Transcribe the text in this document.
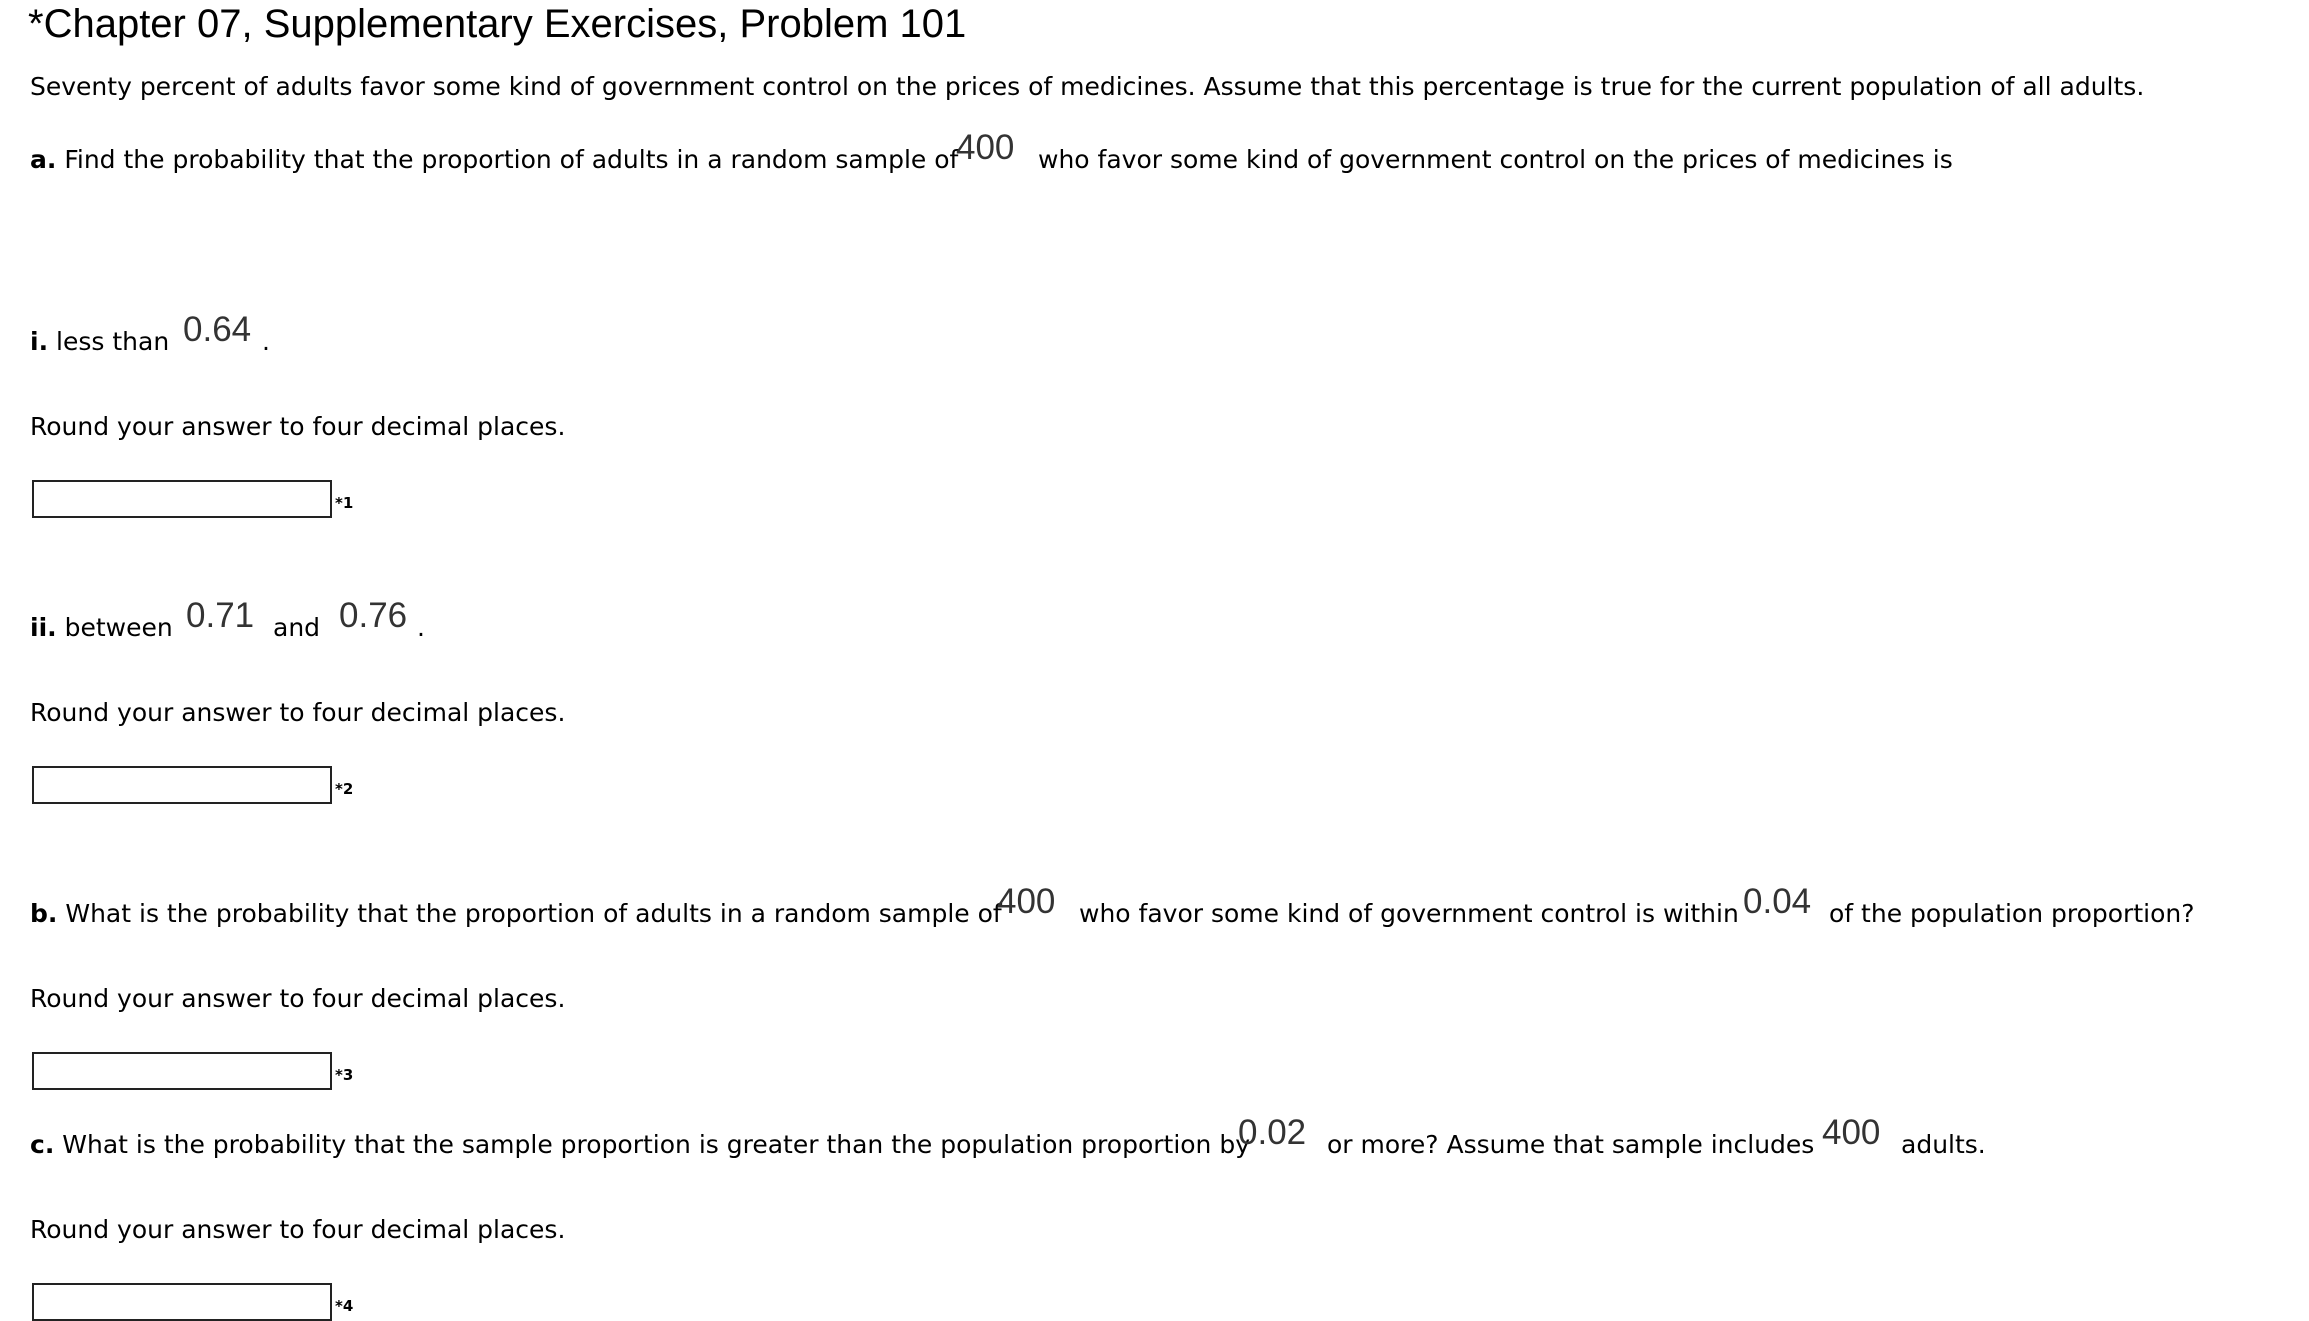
*Chapter 07, Supplementary Exercises, Problem 101
Seventy percent of adults favor some kind of government control on the prices of medicines. Assume that this percentage is true for the current population of all adults.
a. Find the probability that the proportion of adults in a random sample of
400 who favor some kind of government control on the prices of medicines is
i. less than 0.64 .
Round your answer to four decimal places.
*1
ii. between 0.71 and 0.76 .
Round your answer to four decimal places.
*2
b. What is the probability that the proportion of adults in a random sample of
400 who favor some kind of government control is within 0.04 of the population proportion?
Round your answer to four decimal places.
*3
c. What is the probability that the sample proportion is greater than the population proportion by
0.02 or more? Assume that sample includes 400 adults.
Round your answer to four decimal places.
*4
